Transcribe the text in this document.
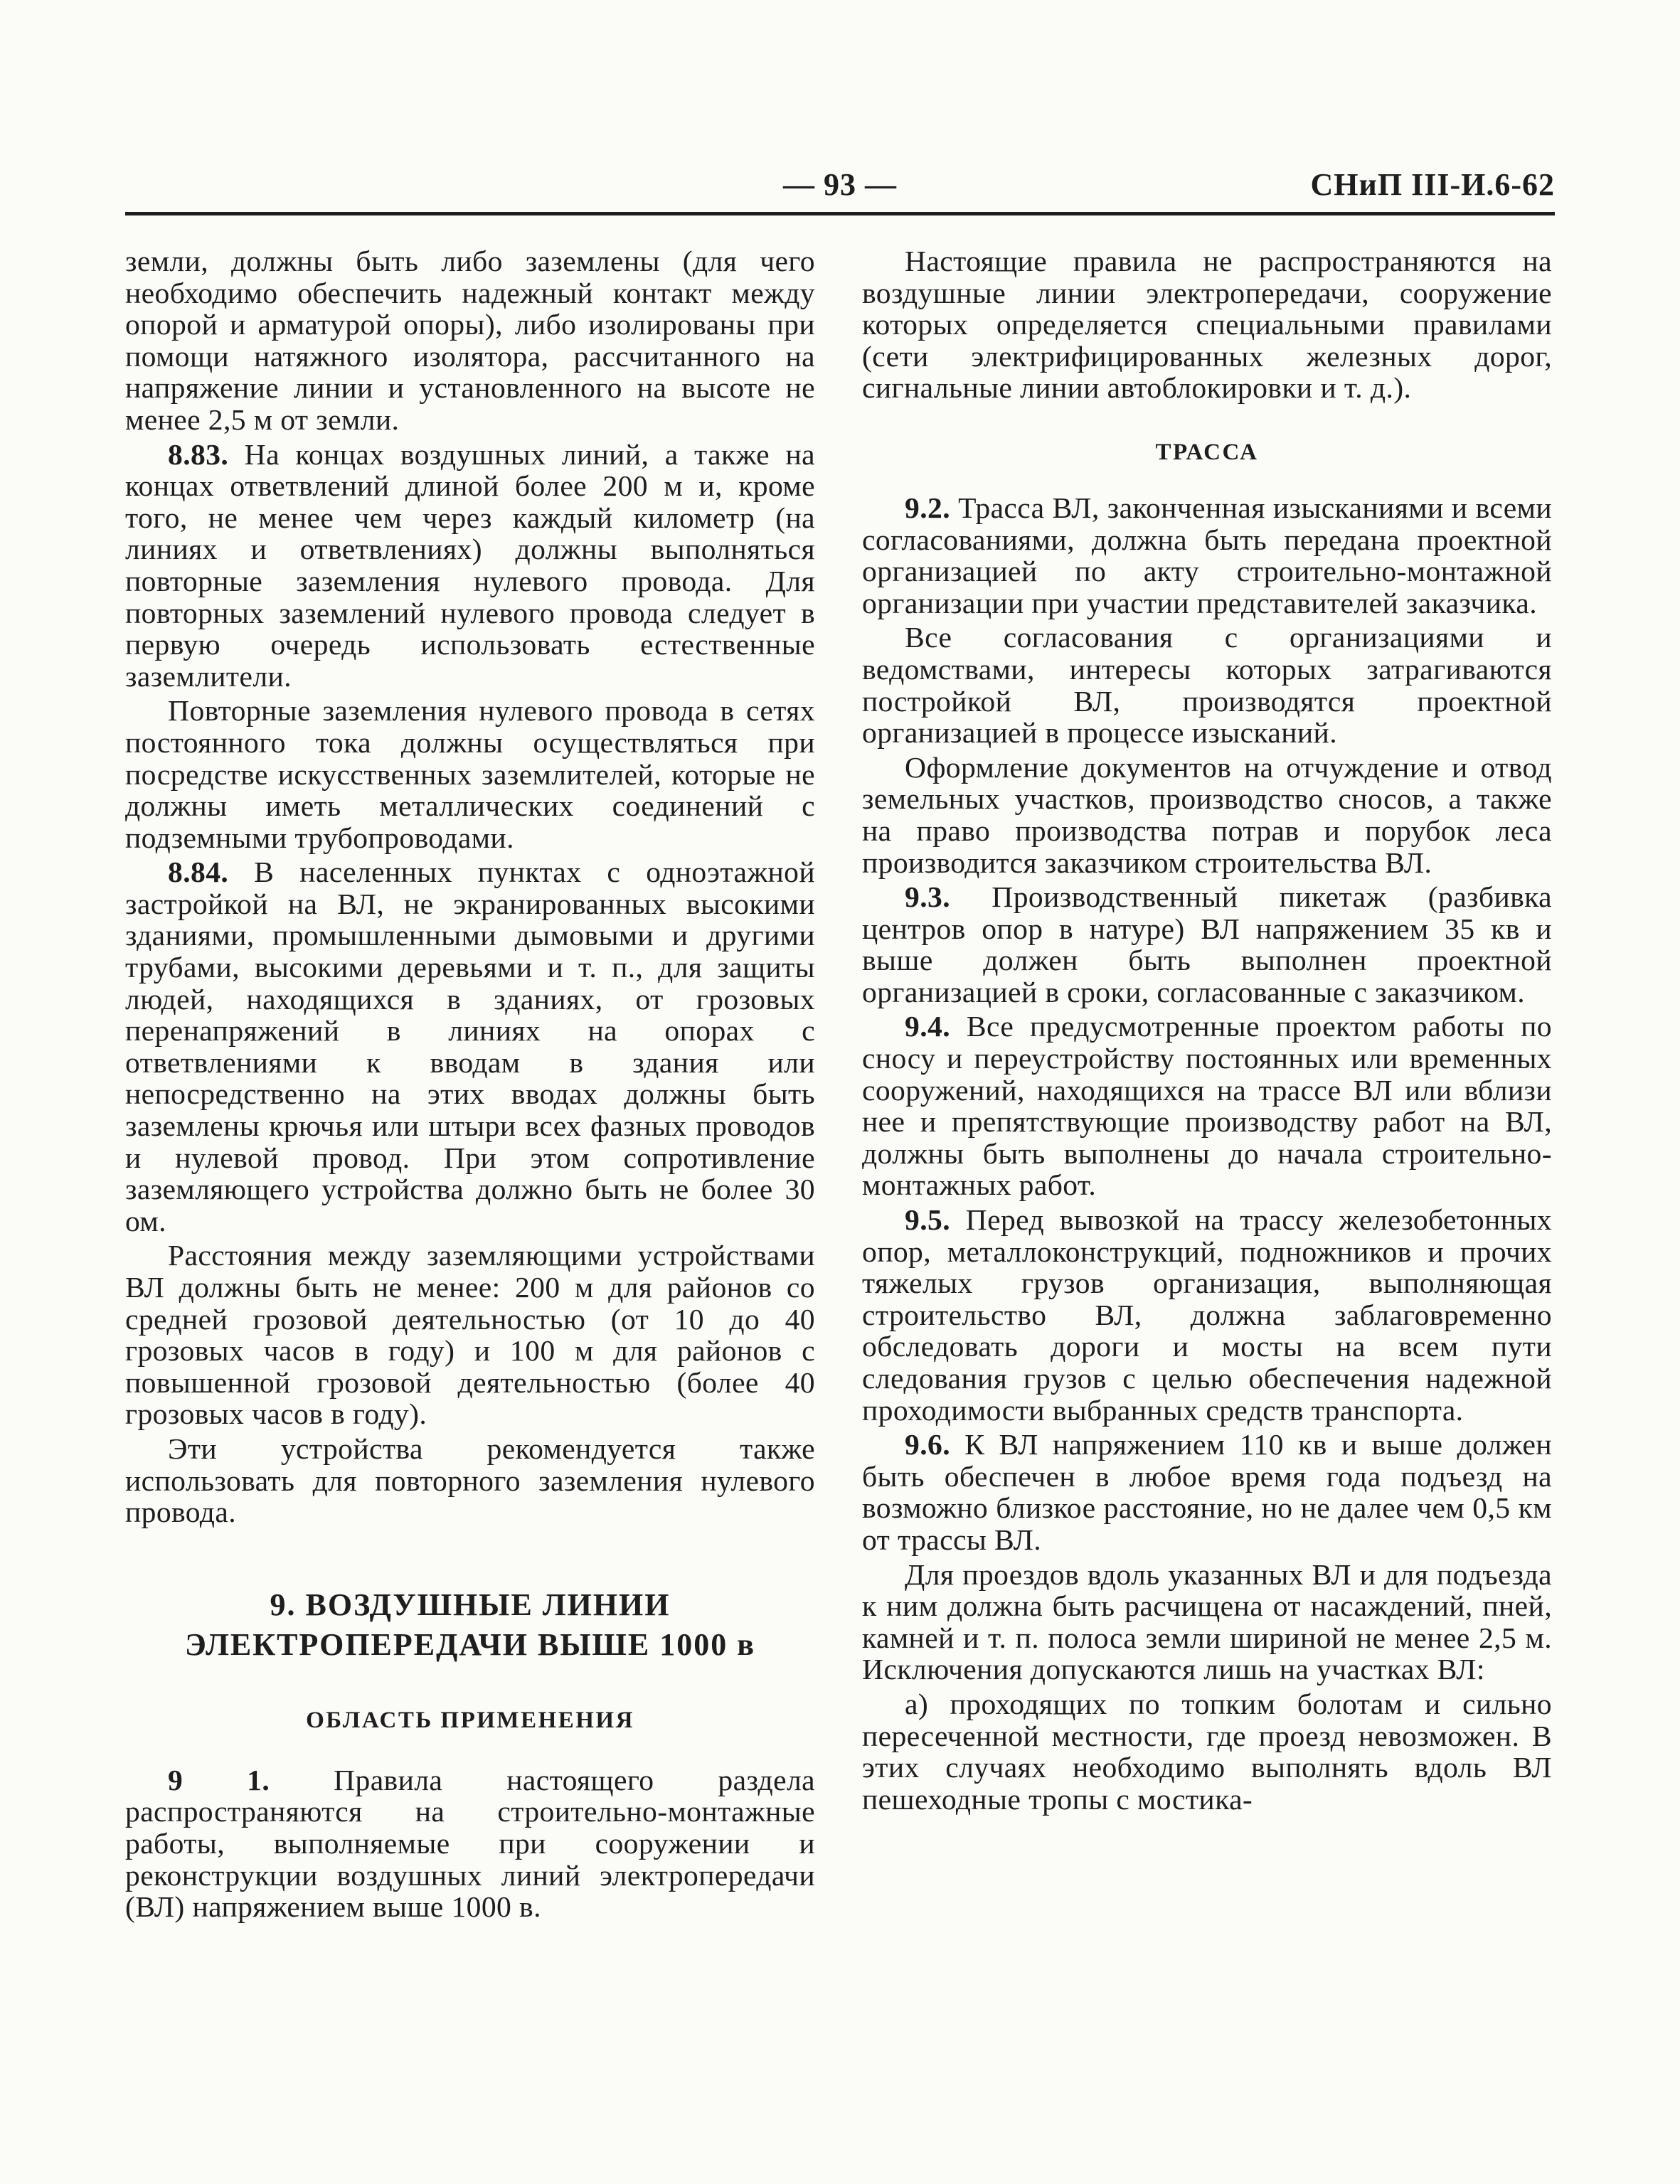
— 93 —	СНиП III-И.6-62

земли, должны быть либо заземлены (для чего необходимо обеспечить надежный контакт между опорой и арматурой опоры), либо изолированы при помощи натяжного изолятора, рассчитанного на напряжение линии и установленного на высоте не менее 2,5 м от земли.

8.83. На концах воздушных линий, а также на концах ответвлений длиной более 200 м и, кроме того, не менее чем через каждый километр (на линиях и ответвлениях) должны выполняться повторные заземления нулевого провода. Для повторных заземлений нулевого провода следует в первую очередь использовать естественные заземлители.

Повторные заземления нулевого провода в сетях постоянного тока должны осуществляться при посредстве искусственных заземлителей, которые не должны иметь металлических соединений с подземными трубопроводами.

8.84. В населенных пунктах с одноэтажной застройкой на ВЛ, не экранированных высокими зданиями, промышленными дымовыми и другими трубами, высокими деревьями и т. п., для защиты людей, находящихся в зданиях, от грозовых перенапряжений в линиях на опорах с ответвлениями к вводам в здания или непосредственно на этих вводах должны быть заземлены крючья или штыри всех фазных проводов и нулевой провод. При этом сопротивление заземляющего устройства должно быть не более 30 ом.

Расстояния между заземляющими устройствами ВЛ должны быть не менее: 200 м для районов со средней грозовой деятельностью (от 10 до 40 грозовых часов в году) и 100 м для районов с повышенной грозовой деятельностью (более 40 грозовых часов в году).

Эти устройства рекомендуется также использовать для повторного заземления нулевого провода.

9. ВОЗДУШНЫЕ ЛИНИИ
ЭЛЕКТРОПЕРЕДАЧИ ВЫШЕ 1000 в
ОБЛАСТЬ ПРИМЕНЕНИЯ

9 1. Правила настоящего раздела распространяются на строительно-монтажные работы, выполняемые при сооружении и реконструкции воздушных линий электропередачи (ВЛ) напряжением выше 1000 в.

Настоящие правила не распространяются на воздушные линии электропередачи, сооружение которых определяется специальными правилами (сети электрифицированных железных дорог, сигнальные линии автоблокировки и т. д.).

ТРАССА

9.2. Трасса ВЛ, законченная изысканиями и всеми согласованиями, должна быть передана проектной организацией по акту строительно-монтажной организации при участии представителей заказчика.

Все согласования с организациями и ведомствами, интересы которых затрагиваются постройкой ВЛ, производятся проектной организацией в процессе изысканий.

Оформление документов на отчуждение и отвод земельных участков, производство сносов, а также на право производства потрав и порубок леса производится заказчиком строительства ВЛ.

9.3. Производственный пикетаж (разбивка центров опор в натуре) ВЛ напряжением 35 кв и выше должен быть выполнен проектной организацией в сроки, согласованные с заказчиком.

9.4. Все предусмотренные проектом работы по сносу и переустройству постоянных или временных сооружений, находящихся на трассе ВЛ или вблизи нее и препятствующие производству работ на ВЛ, должны быть выполнены до начала строительно-монтажных работ.

9.5. Перед вывозкой на трассу железобетонных опор, металлоконструкций, подножников и прочих тяжелых грузов организация, выполняющая строительство ВЛ, должна заблаговременно обследовать дороги и мосты на всем пути следования грузов с целью обеспечения надежной проходимости выбранных средств транспорта.

9.6. К ВЛ напряжением 110 кв и выше должен быть обеспечен в любое время года подъезд на возможно близкое расстояние, но не далее чем 0,5 км от трассы ВЛ.

Для проездов вдоль указанных ВЛ и для подъезда к ним должна быть расчищена от насаждений, пней, камней и т. п. полоса земли шириной не менее 2,5 м. Исключения допускаются лишь на участках ВЛ:

а) проходящих по топким болотам и сильно пересеченной местности, где проезд невозможен. В этих случаях необходимо выполнять вдоль ВЛ пешеходные тропы с мостика-
